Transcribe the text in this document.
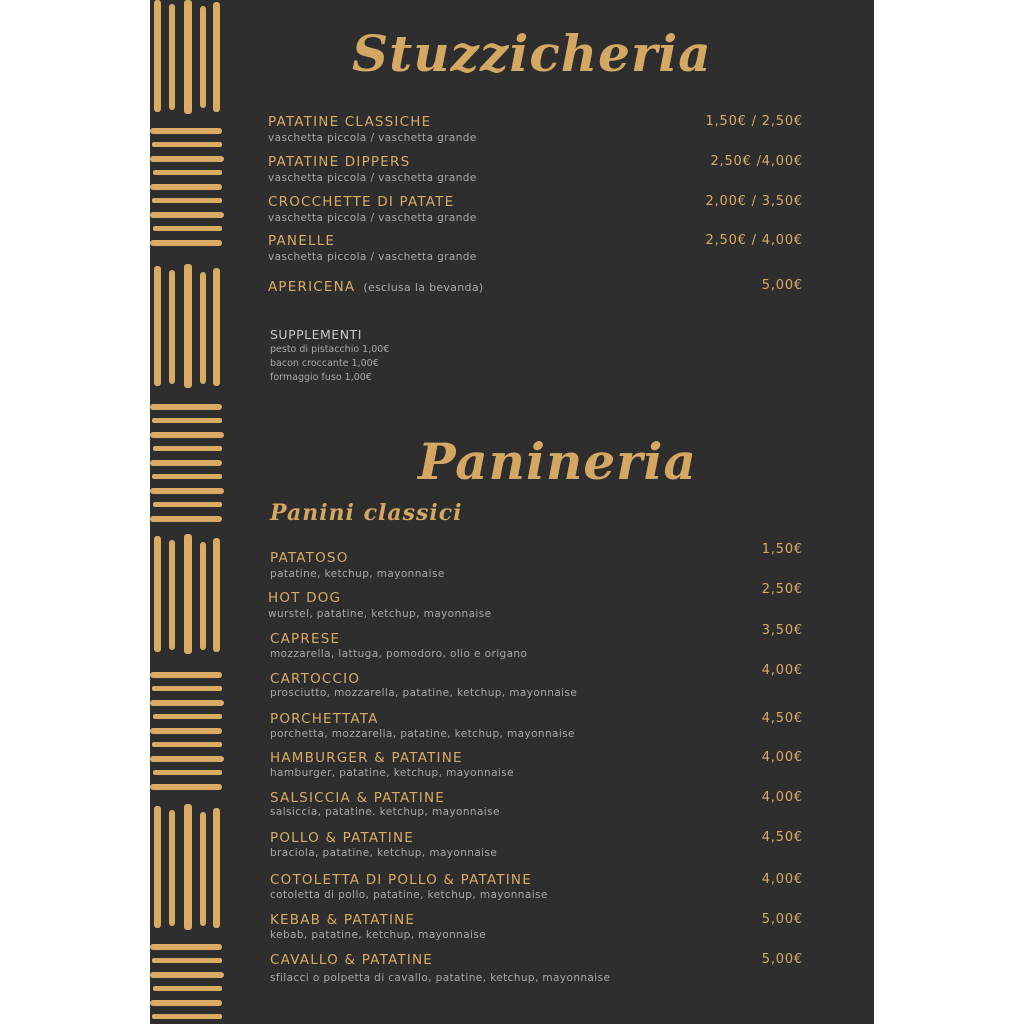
Stuzzicheria
PATATINE CLASSICHE
vaschetta piccola / vaschetta grande
1,50€ / 2,50€
PATATINE DIPPERS
vaschetta piccola / vaschetta grande
2,50€ /4,00€
CROCCHETTE DI PATATE
vaschetta piccola / vaschetta grande
2,00€ / 3,50€
PANELLE
vaschetta piccola / vaschetta grande
2,50€ / 4,00€
APERICENA (esclusa la bevanda)	5,00€
SUPPLEMENTI
pesto di pistacchio 1,00€
bacon croccante 1,00€
formaggio fuso 1,00€
Panineria
Panini classici
PATATOSO
patatine, ketchup, mayonnaise
1,50€
HOT DOG
wurstel, patatine, ketchup, mayonnaise
2,50€
CAPRESE
mozzarella, lattuga, pomodoro, olio e origano
3,50€
CARTOCCIO
prosciutto, mozzarella, patatine, ketchup, mayonnaise
4,00€
PORCHETTATA
porchetta, mozzarella, patatine, ketchup, mayonnaise
4,50€
HAMBURGER & PATATINE
hamburger, patatine, ketchup, mayonnaise
4,00€
SALSICCIA & PATATINE
salsiccia, patatine. ketchup, mayonnaise
4,00€
POLLO & PATATINE
braciola, patatine, ketchup, mayonnaise
4,50€
COTOLETTA DI POLLO & PATATINE
cotoletta di pollo, patatine, ketchup, mayonnaise
4,00€
KEBAB & PATATINE
kebab, patatine, ketchup, mayonnaise
5,00€
CAVALLO & PATATINE
sfilacci o polpetta di cavallo, patatine, ketchup, mayonnaise
5,00€
